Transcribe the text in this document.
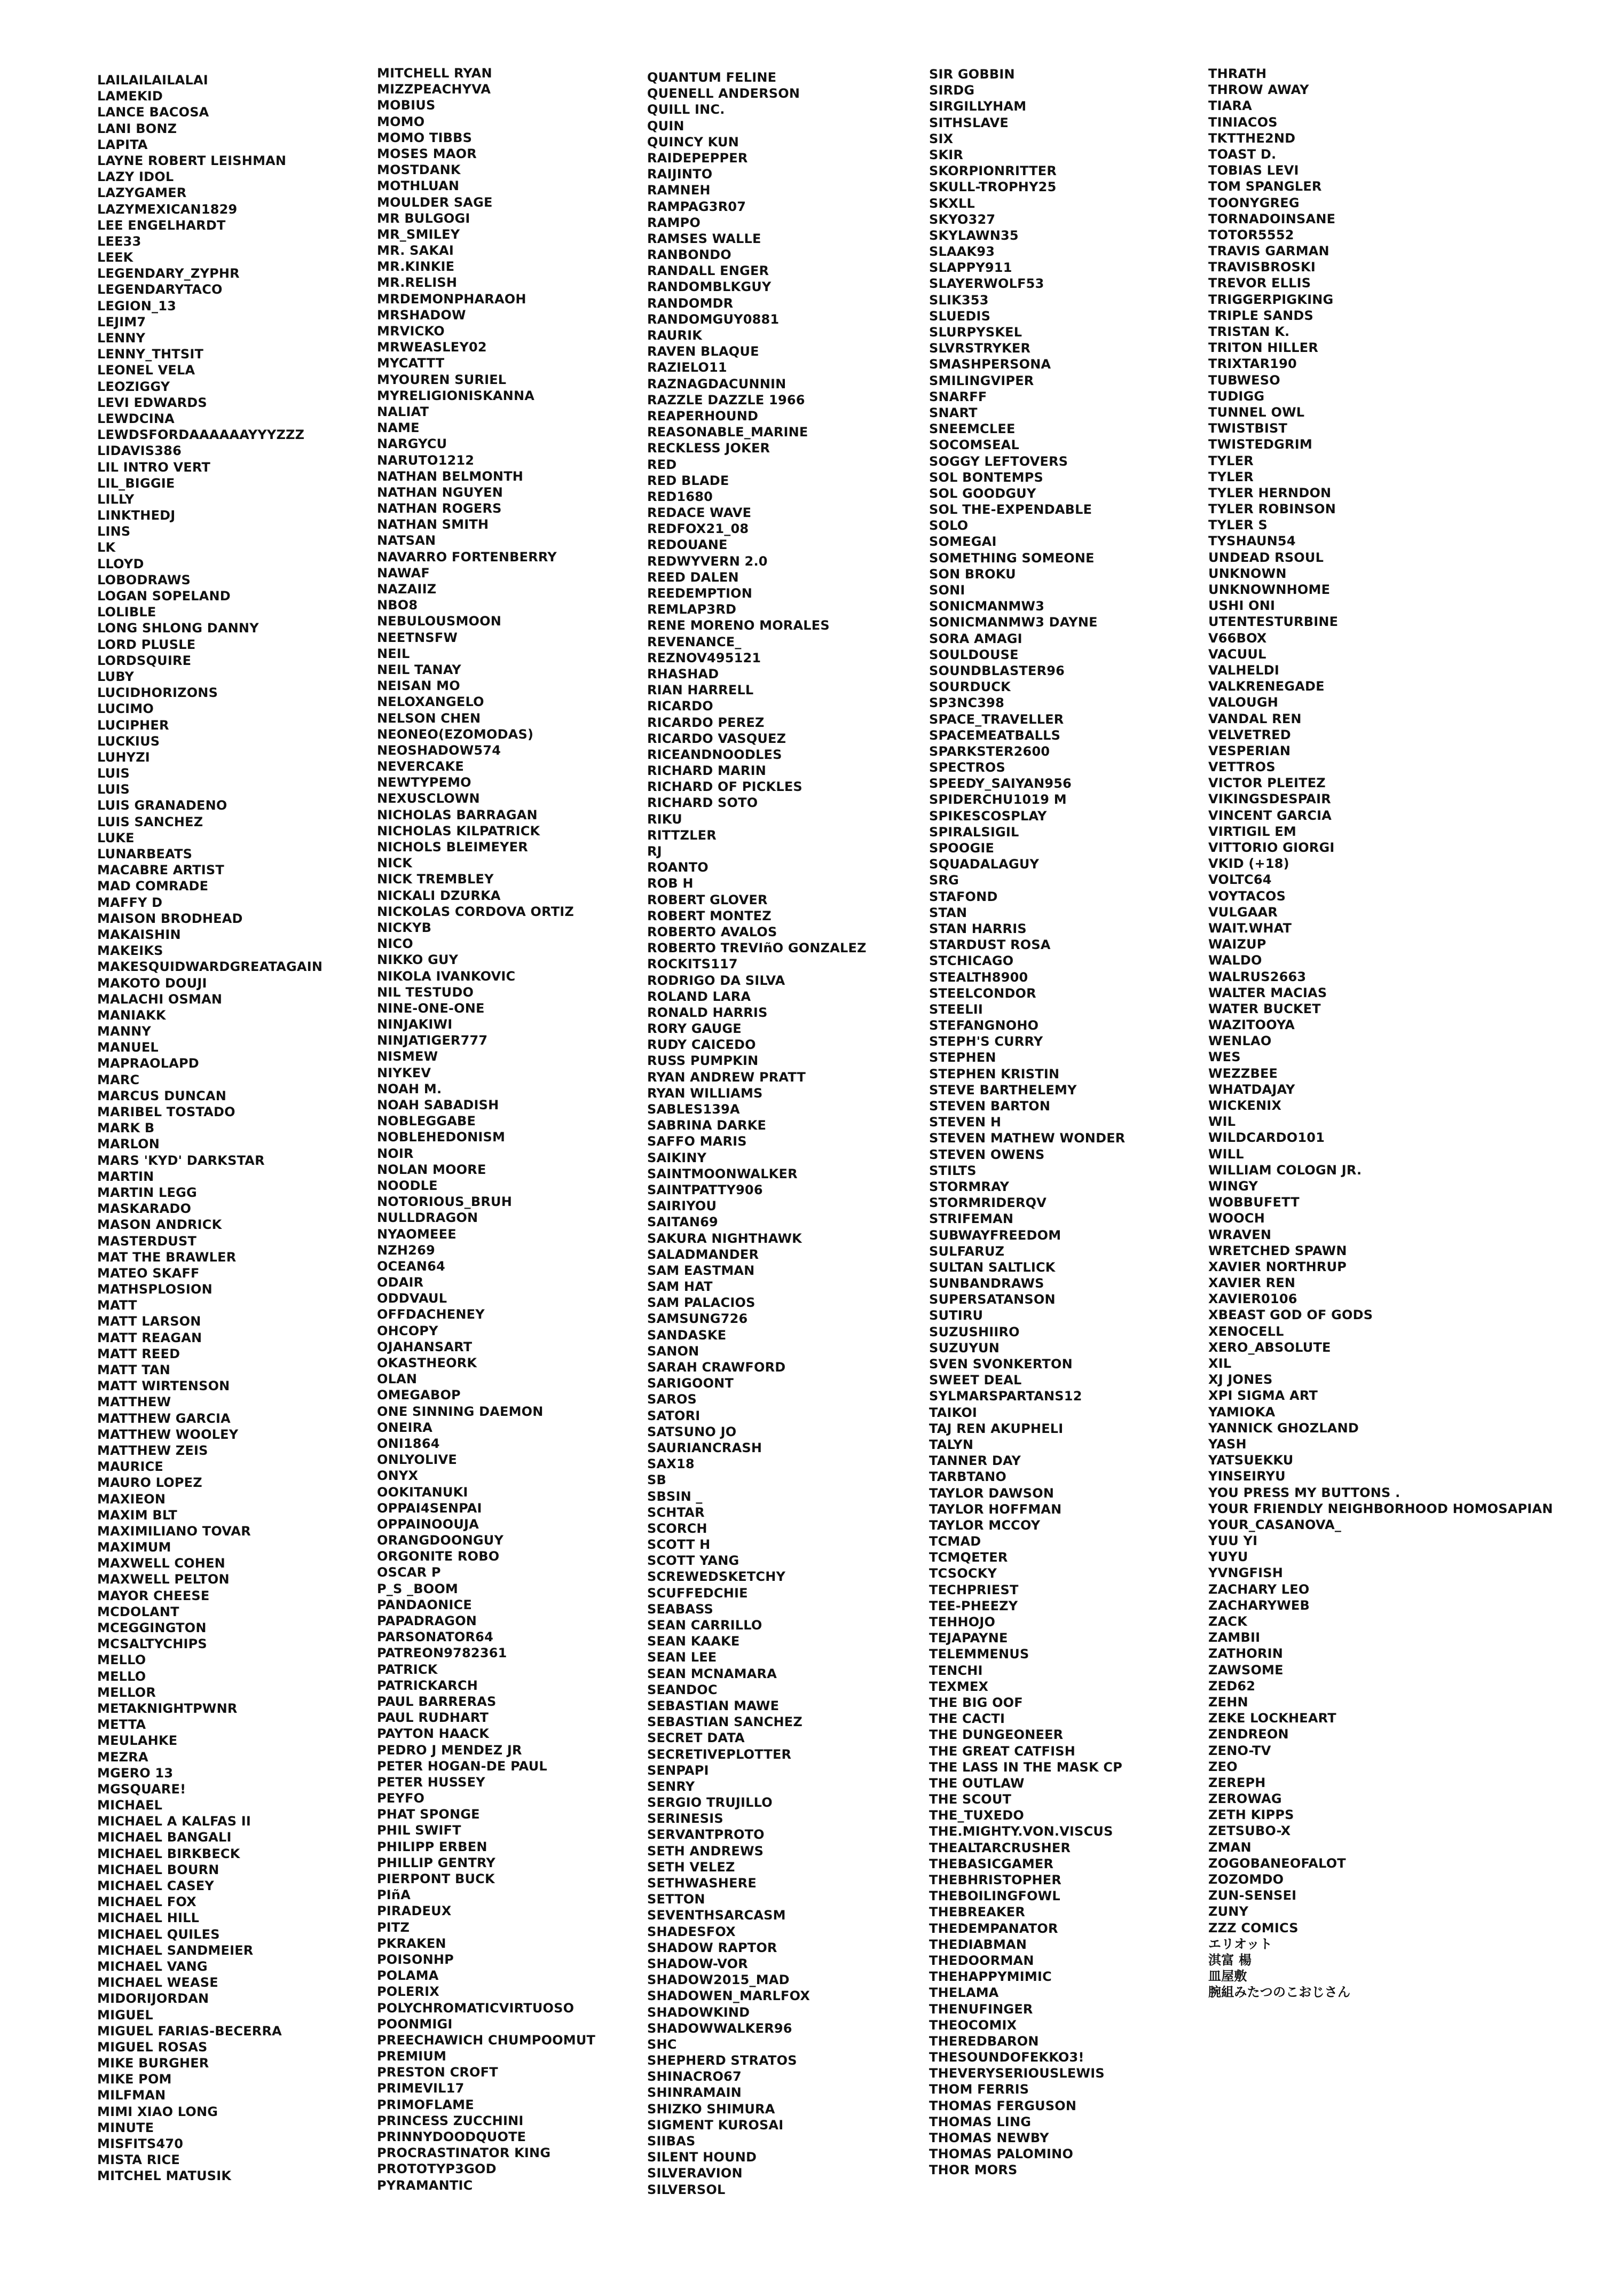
LAILAILAILALAI
LAMEKID
LANCE BACOSA
LANI BONZ
LAPITA
LAYNE ROBERT LEISHMAN
LAZY IDOL
LAZYGAMER
LAZYMEXICAN1829
LEE ENGELHARDT
LEE33
LEEK
LEGENDARY_ZYPHR
LEGENDARYTACO
LEGION_13
LEJIM7
LENNY
LENNY_THTSIT
LEONEL VELA
LEOZIGGY
LEVI EDWARDS
LEWDCINA
LEWDSFORDAAAAAAYYYZZZ
LIDAVIS386
LIL INTRO VERT
LIL_BIGGIE
LILLY
LINKTHEDJ
LINS
LK
LLOYD
LOBODRAWS
LOGAN SOPELAND
LOLIBLE
LONG SHLONG DANNY
LORD PLUSLE
LORDSQUIRE
LUBY
LUCIDHORIZONS
LUCIMO
LUCIPHER
LUCKIUS
LUHYZI
LUIS
LUIS
LUIS GRANADENO
LUIS SANCHEZ
LUKE
LUNARBEATS
MACABRE ARTIST
MAD COMRADE
MAFFY D
MAISON BRODHEAD
MAKAISHIN
MAKEIKS
MAKESQUIDWARDGREATAGAIN
MAKOTO DOUJI
MALACHI OSMAN
MANIAKK
MANNY
MANUEL
MAPRAOLAPD
MARC
MARCUS DUNCAN
MARIBEL TOSTADO
MARK B
MARLON
MARS 'KYD' DARKSTAR
MARTIN
MARTIN LEGG
MASKARADO
MASON ANDRICK
MASTERDUST
MAT THE BRAWLER
MATEO SKAFF
MATHSPLOSION
MATT
MATT LARSON
MATT REAGAN
MATT REED
MATT TAN
MATT WIRTENSON
MATTHEW
MATTHEW GARCIA
MATTHEW WOOLEY
MATTHEW ZEIS
MAURICE
MAURO LOPEZ
MAXIEON
MAXIM BLT
MAXIMILIANO TOVAR
MAXIMUM
MAXWELL COHEN
MAXWELL PELTON
MAYOR CHEESE
MCDOLANT
MCEGGINGTON
MCSALTYCHIPS
MELLO
MELLO
MELLOR
METAKNIGHTPWNR
METTA
MEULAHKE
MEZRA
MGERO 13
MGSQUARE!
MICHAEL
MICHAEL A KALFAS II
MICHAEL BANGALI
MICHAEL BIRKBECK
MICHAEL BOURN
MICHAEL CASEY
MICHAEL FOX
MICHAEL HILL
MICHAEL QUILES
MICHAEL SANDMEIER
MICHAEL VANG
MICHAEL WEASE
MIDORIJORDAN
MIGUEL
MIGUEL FARIAS-BECERRA
MIGUEL ROSAS
MIKE BURGHER
MIKE POM
MILFMAN
MIMI XIAO LONG
MINUTE
MISFITS470
MISTA RICE
MITCHEL MATUSIK
MITCHELL RYAN
MIZZPEACHYVA
MOBIUS
MOMO
MOMO TIBBS
MOSES MAOR
MOSTDANK
MOTHLUAN
MOULDER SAGE
MR BULGOGI
MR_SMILEY
MR. SAKAI
MR.KINKIE
MR.RELISH
MRDEMONPHARAOH
MRSHADOW
MRVICKO
MRWEASLEY02
MYCATTT
MYOUREN SURIEL
MYRELIGIONISKANNA
NALIAT
NAME
NARGYCU
NARUTO1212
NATHAN BELMONTH
NATHAN NGUYEN
NATHAN ROGERS
NATHAN SMITH
NATSAN
NAVARRO FORTENBERRY
NAWAF
NAZAIIZ
NBO8
NEBULOUSMOON
NEETNSFW
NEIL
NEIL TANAY
NEISAN MO
NELOXANGELO
NELSON CHEN
NEONEO(EZOMODAS)
NEOSHADOW574
NEVERCAKE
NEWTYPEMO
NEXUSCLOWN
NICHOLAS BARRAGAN
NICHOLAS KILPATRICK
NICHOLS BLEIMEYER
NICK
NICK TREMBLEY
NICKALI DZURKA
NICKOLAS CORDOVA ORTIZ
NICKYB
NICO
NIKKO GUY
NIKOLA IVANKOVIC
NIL TESTUDO
NINE-ONE-ONE
NINJAKIWI
NINJATIGER777
NISMEW
NIYKEV
NOAH M.
NOAH SABADISH
NOBLEGGABE
NOBLEHEDONISM
NOIR
NOLAN MOORE
NOODLE
NOTORIOUS_BRUH
NULLDRAGON
NYAOMEEE
NZH269
OCEAN64
ODAIR
ODDVAUL
OFFDACHENEY
OHCOPY
OJAHANSART
OKASTHEORK
OLAN
OMEGABOP
ONE SINNING DAEMON
ONEIRA
ONI1864
ONLYOLIVE
ONYX
OOKITANUKI
OPPAI4SENPAI
OPPAINOOUJA
ORANGDOONGUY
ORGONITE ROBO
OSCAR P
P_S _BOOM
PANDAONICE
PAPADRAGON
PARSONATOR64
PATREON9782361
PATRICK
PATRICKARCH
PAUL BARRERAS
PAUL RUDHART
PAYTON HAACK
PEDRO J MENDEZ JR
PETER HOGAN-DE PAUL
PETER HUSSEY
PEYFO
PHAT SPONGE
PHIL SWIFT
PHILIPP ERBEN
PHILLIP GENTRY
PIERPONT BUCK
PIñA
PIRADEUX
PITZ
PKRAKEN
POISONHP
POLAMA
POLERIX
POLYCHROMATICVIRTUOSO
POONMIGI
PREECHAWICH CHUMPOOMUT
PREMIUM
PRESTON CROFT
PRIMEVIL17
PRIMOFLAME
PRINCESS ZUCCHINI
PRINNYDOODQUOTE
PROCRASTINATOR KING
PROTOTYP3GOD
PYRAMANTIC
QUANTUM FELINE
QUENELL ANDERSON
QUILL INC.
QUIN
QUINCY KUN
RAIDEPEPPER
RAIJINTO
RAMNEH
RAMPAG3R07
RAMPO
RAMSES WALLE
RANBONDO
RANDALL ENGER
RANDOMBLKGUY
RANDOMDR
RANDOMGUY0881
RAURIK
RAVEN BLAQUE
RAZIELO11
RAZNAGDACUNNIN
RAZZLE DAZZLE 1966
REAPERHOUND
REASONABLE_MARINE
RECKLESS JOKER
RED
RED BLADE
RED1680
REDACE WAVE
REDFOX21_08
REDOUANE
REDWYVERN 2.0
REED DALEN
REEDEMPTION
REMLAP3RD
RENE MORENO MORALES
REVENANCE_
REZNOV495121
RHASHAD
RIAN HARRELL
RICARDO
RICARDO PEREZ
RICARDO VASQUEZ
RICEANDNOODLES
RICHARD MARIN
RICHARD OF PICKLES
RICHARD SOTO
RIKU
RITTZLER
RJ
ROANTO
ROB H
ROBERT GLOVER
ROBERT MONTEZ
ROBERTO AVALOS
ROBERTO TREVIñO GONZALEZ
ROCKITS117
RODRIGO DA SILVA
ROLAND LARA
RONALD HARRIS
RORY GAUGE
RUDY CAICEDO
RUSS PUMPKIN
RYAN ANDREW PRATT
RYAN WILLIAMS
SABLES139A
SABRINA DARKE
SAFFO MARIS
SAIKINY
SAINTMOONWALKER
SAINTPATTY906
SAIRIYOU
SAITAN69
SAKURA NIGHTHAWK
SALADMANDER
SAM EASTMAN
SAM HAT
SAM PALACIOS
SAMSUNG726
SANDASKE
SANON
SARAH CRAWFORD
SARIGOONT
SAROS
SATORI
SATSUNO JO
SAURIANCRASH
SAX18
SB
SBSIN _
SCHTAR
SCORCH
SCOTT H
SCOTT YANG
SCREWEDSKETCHY
SCUFFEDCHIE
SEABASS
SEAN CARRILLO
SEAN KAAKE
SEAN LEE
SEAN MCNAMARA
SEANDOC
SEBASTIAN MAWE
SEBASTIAN SANCHEZ
SECRET DATA
SECRETIVEPLOTTER
SENPAPI
SENRY
SERGIO TRUJILLO
SERINESIS
SERVANTPROTO
SETH ANDREWS
SETH VELEZ
SETHWASHERE
SETTON
SEVENTHSARCASM
SHADESFOX
SHADOW RAPTOR
SHADOW-VOR
SHADOW2015_MAD
SHADOWEN_MARLFOX
SHADOWKIND
SHADOWWALKER96
SHC
SHEPHERD STRATOS
SHINACRO67
SHINRAMAIN
SHIZKO SHIMURA
SIGMENT KUROSAI
SIIBAS
SILENT HOUND
SILVERAVION
SILVERSOL
SIR GOBBIN
SIRDG
SIRGILLYHAM
SITHSLAVE
SIX
SKIR
SKORPIONRITTER
SKULL-TROPHY25
SKXLL
SKYO327
SKYLAWN35
SLAAK93
SLAPPY911
SLAYERWOLF53
SLIK353
SLUEDIS
SLURPYSKEL
SLVRSTRYKER
SMASHPERSONA
SMILINGVIPER
SNARFF
SNART
SNEEMCLEE
SOCOMSEAL
SOGGY LEFTOVERS
SOL BONTEMPS
SOL GOODGUY
SOL THE-EXPENDABLE
SOLO
SOMEGAI
SOMETHING SOMEONE
SON BROKU
SONI
SONICMANMW3
SONICMANMW3 DAYNE
SORA AMAGI
SOULDOUSE
SOUNDBLASTER96
SOURDUCK
SP3NC398
SPACE_TRAVELLER
SPACEMEATBALLS
SPARKSTER2600
SPECTROS
SPEEDY_SAIYAN956
SPIDERCHU1019 M
SPIKESCOSPLAY
SPIRALSIGIL
SPOOGIE
SQUADALAGUY
SRG
STAFOND
STAN
STAN HARRIS
STARDUST ROSA
STCHICAGO
STEALTH8900
STEELCONDOR
STEELII
STEFANGNOHO
STEPH'S CURRY
STEPHEN
STEPHEN KRISTIN
STEVE BARTHELEMY
STEVEN BARTON
STEVEN H
STEVEN MATHEW WONDER
STEVEN OWENS
STILTS
STORMRAY
STORMRIDERQV
STRIFEMAN
SUBWAYFREEDOM
SULFARUZ
SULTAN SALTLICK
SUNBANDRAWS
SUPERSATANSON
SUTIRU
SUZUSHIIRO
SUZUYUN
SVEN SVONKERTON
SWEET DEAL
SYLMARSPARTANS12
TAIKOI
TAJ REN AKUPHELI
TALYN
TANNER DAY
TARBTANO
TAYLOR DAWSON
TAYLOR HOFFMAN
TAYLOR MCCOY
TCMAD
TCMQETER
TCSOCKY
TECHPRIEST
TEE-PHEEZY
TEHHOJO
TEJAPAYNE
TELEMMENUS
TENCHI
TEXMEX
THE BIG OOF
THE CACTI
THE DUNGEONEER
THE GREAT CATFISH
THE LASS IN THE MASK CP
THE OUTLAW
THE SCOUT
THE_TUXEDO
THE.MIGHTY.VON.VISCUS
THEALTARCRUSHER
THEBASICGAMER
THEBHRISTOPHER
THEBOILINGFOWL
THEBREAKER
THEDEMPANATOR
THEDIABMAN
THEDOORMAN
THEHAPPYMIMIC
THELAMA
THENUFINGER
THEOCOMIX
THEREDBARON
THESOUNDOFEKKO3!
THEVERYSERIOUSLEWIS
THOM FERRIS
THOMAS FERGUSON
THOMAS LING
THOMAS NEWBY
THOMAS PALOMINO
THOR MORS
THRATH
THROW AWAY
TIARA
TINIACOS
TKTTHE2ND
TOAST D.
TOBIAS LEVI
TOM SPANGLER
TOONYGREG
TORNADOINSANE
TOTOR5552
TRAVIS GARMAN
TRAVISBROSKI
TREVOR ELLIS
TRIGGERPIGKING
TRIPLE SANDS
TRISTAN K.
TRITON HILLER
TRIXTAR190
TUBWESO
TUDIGG
TUNNEL OWL
TWISTBIST
TWISTEDGRIM
TYLER
TYLER
TYLER HERNDON
TYLER ROBINSON
TYLER S
TYSHAUN54
UNDEAD RSOUL
UNKNOWN
UNKNOWNHOME
USHI ONI
UTENTESTURBINE
V66BOX
VACUUL
VALHELDI
VALKRENEGADE
VALOUGH
VANDAL REN
VELVETRED
VESPERIAN
VETTROS
VICTOR PLEITEZ
VIKINGSDESPAIR
VINCENT GARCIA
VIRTIGIL EM
VITTORIO GIORGI
VKID (+18)
VOLTC64
VOYTACOS
VULGAAR
WAIT.WHAT
WAIZUP
WALDO
WALRUS2663
WALTER MACIAS
WATER BUCKET
WAZITOOYA
WENLAO
WES
WEZZBEE
WHATDAJAY
WICKENIX
WIL
WILDCARDO101
WILL
WILLIAM COLOGN JR.
WINGY
WOBBUFETT
WOOCH
WRAVEN
WRETCHED SPAWN
XAVIER NORTHRUP
XAVIER REN
XAVIER0106
XBEAST GOD OF GODS
XENOCELL
XERO_ABSOLUTE
XIL
XJ JONES
XPI SIGMA ART
YAMIOKA
YANNICK GHOZLAND
YASH
YATSUEKKU
YINSEIRYU
YOU PRESS MY BUTTONS .
YOUR FRIENDLY NEIGHBORHOOD HOMOSAPIAN
YOUR_CASANOVA_
YUU YI
YUYU
YVNGFISH
ZACHARY LEO
ZACHARYWEB
ZACK
ZAMBII
ZATHORIN
ZAWSOME
ZED62
ZEHN
ZEKE LOCKHEART
ZENDREON
ZENO-TV
ZEO
ZEREPH
ZEROWAG
ZETH KIPPS
ZETSUBO-X
ZMAN
ZOGOBANEOFALOT
ZOZOMDO
ZUN-SENSEI
ZUNY
ZZZ COMICS
エリオット
淇富 楊
皿屋敷
腕組みたつのこおじさん
